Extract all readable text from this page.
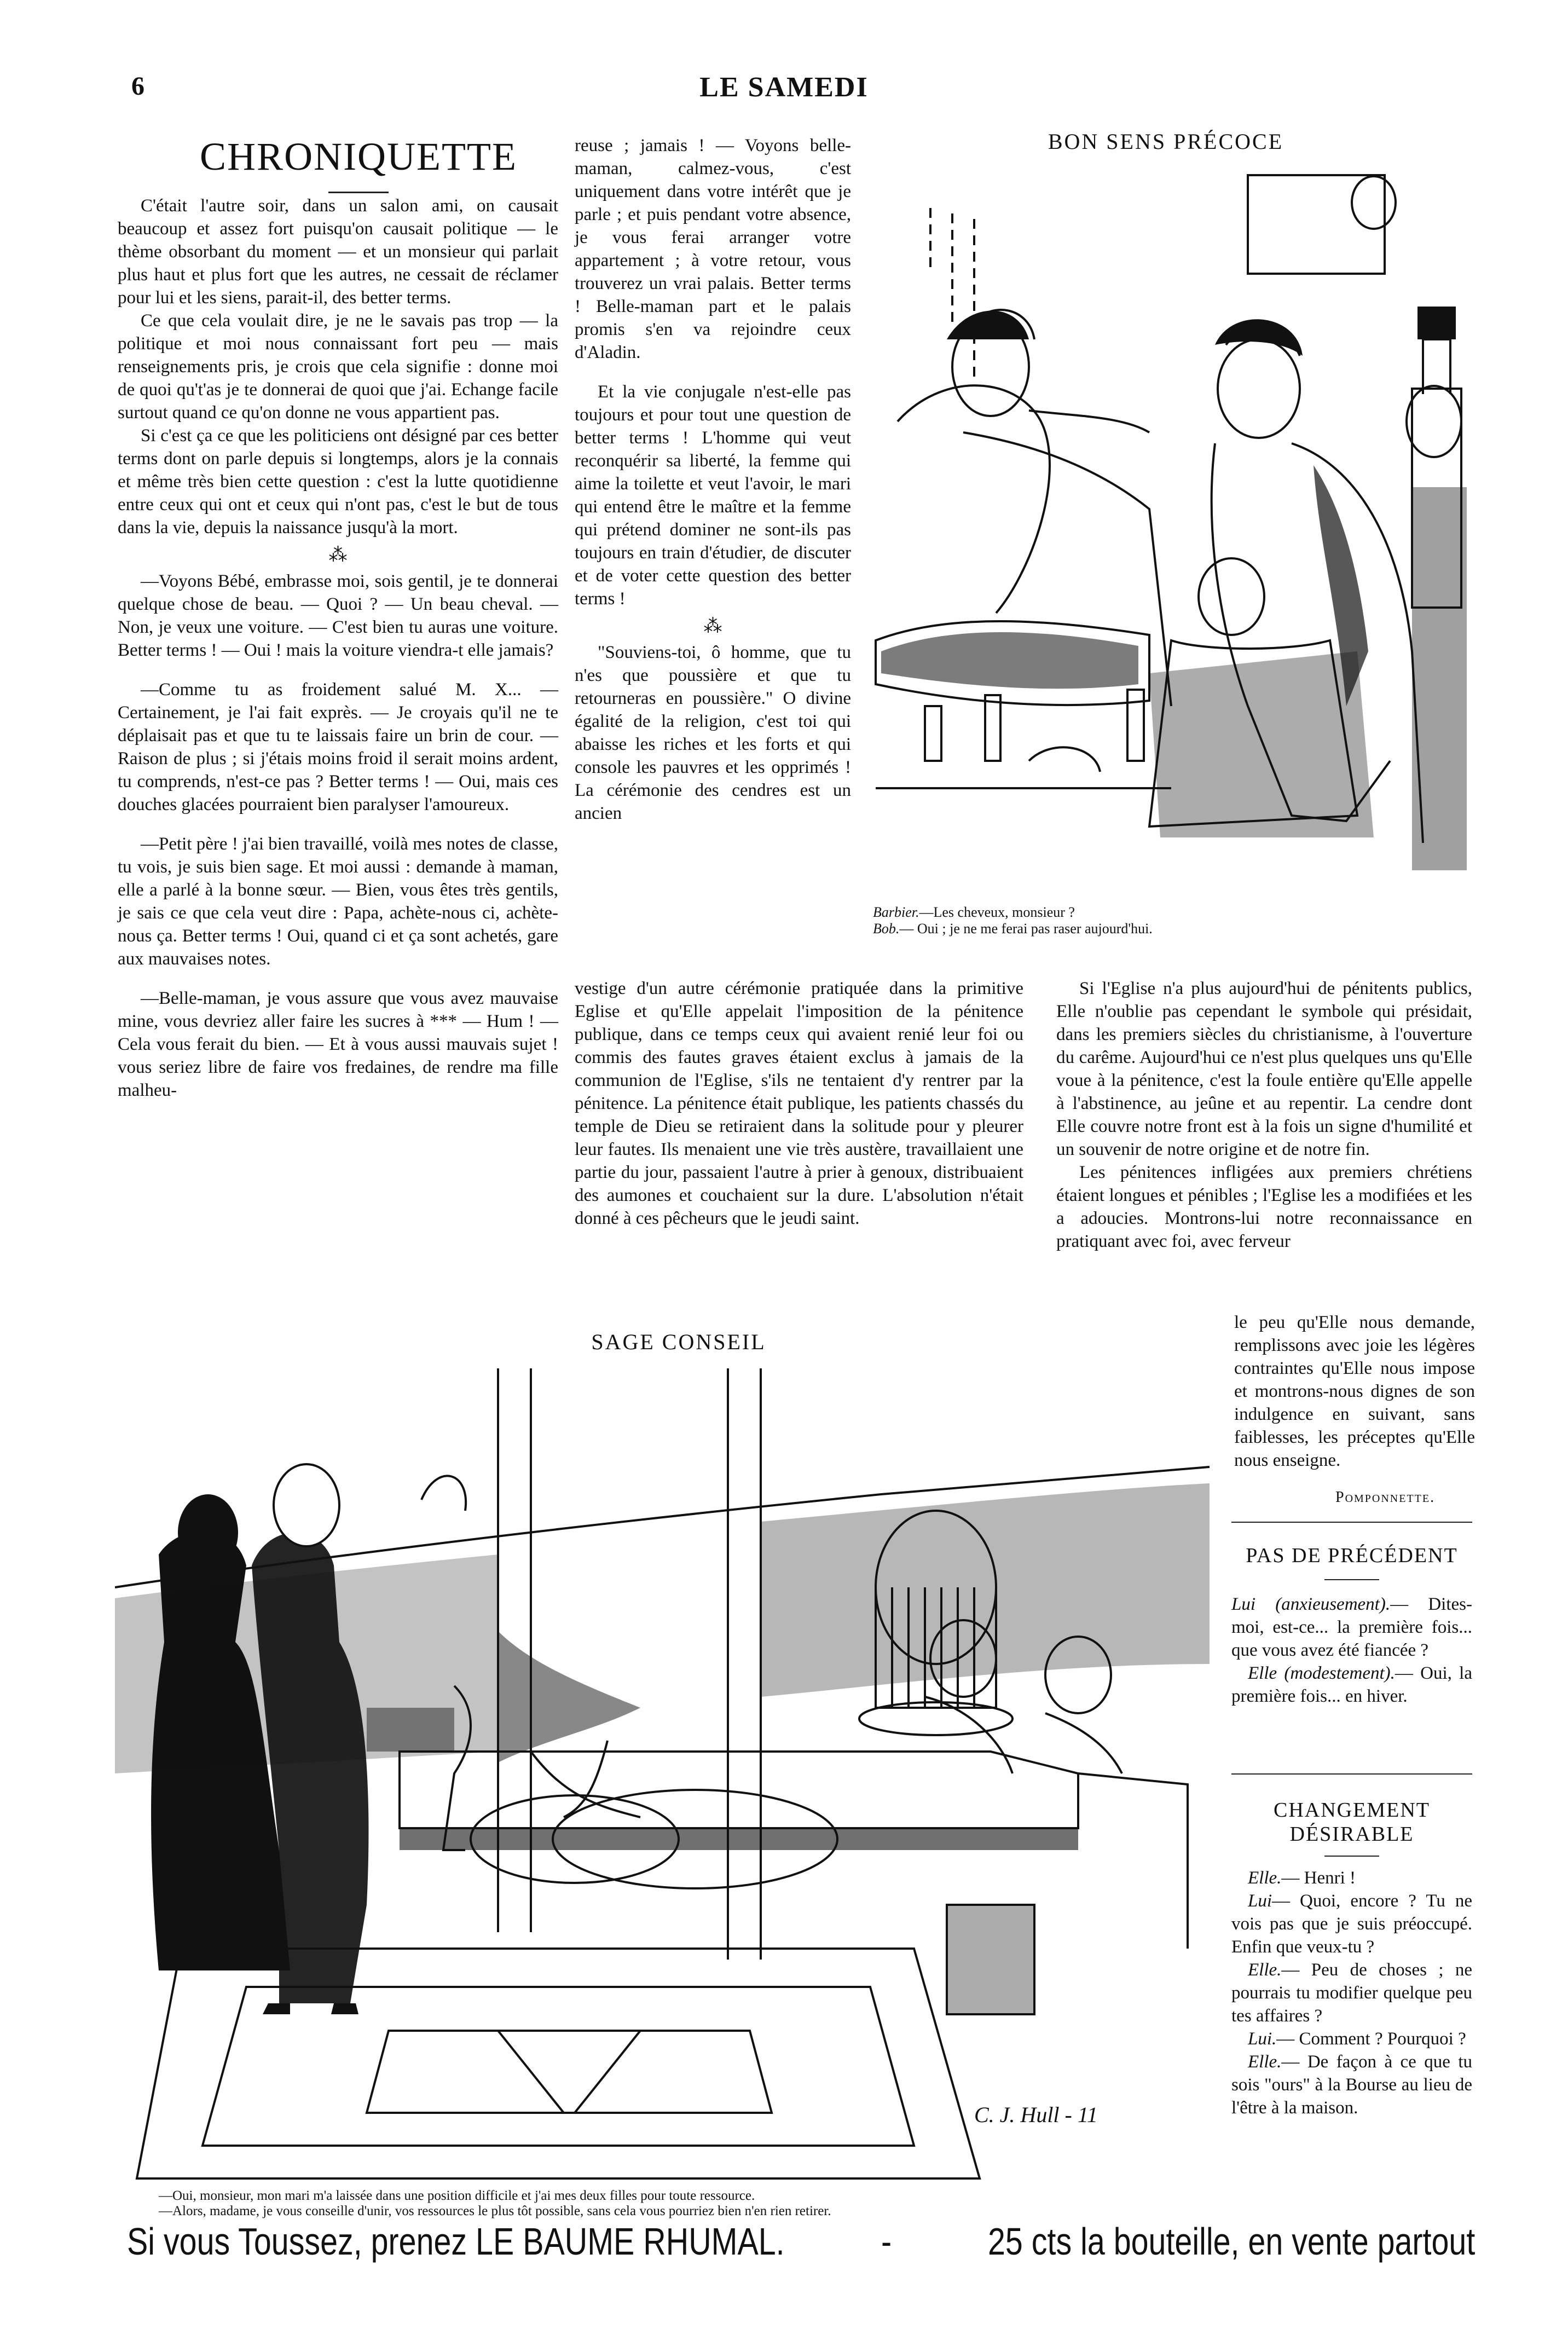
6	LE SAMEDI
CHRONIQUETTE

C'était l'autre soir, dans un salon ami, on causait beaucoup et assez fort puisqu'on causait politique — le thème obsorbant du moment — et un monsieur qui parlait plus haut et plus fort que les autres, ne cessait de réclamer pour lui et les siens, parait-il, des better terms.

Ce que cela voulait dire, je ne le savais pas trop — la politique et moi nous connaissant fort peu — mais renseignements pris, je crois que cela signifie : donne moi de quoi qu't'as je te donnerai de quoi que j'ai. Echange facile surtout quand ce qu'on donne ne vous appartient pas.

Si c'est ça ce que les politiciens ont désigné par ces better terms dont on parle depuis si longtemps, alors je la connais et même très bien cette question : c'est la lutte quotidienne entre ceux qui ont et ceux qui n'ont pas, c'est le but de tous dans la vie, depuis la naissance jusqu'à la mort.

⁂

—Voyons Bébé, embrasse moi, sois gentil, je te donnerai quelque chose de beau. — Quoi ? — Un beau cheval. — Non, je veux une voiture. — C'est bien tu auras une voiture. Better terms ! — Oui ! mais la voiture viendra-t elle jamais?

—Comme tu as froidement salué M. X... — Certainement, je l'ai fait exprès. — Je croyais qu'il ne te déplaisait pas et que tu te laissais faire un brin de cour. — Raison de plus ; si j'étais moins froid il serait moins ardent, tu comprends, n'est-ce pas ? Better terms ! — Oui, mais ces douches glacées pourraient bien paralyser l'amoureux.

—Petit père ! j'ai bien travaillé, voilà mes notes de classe, tu vois, je suis bien sage. Et moi aussi : demande à maman, elle a parlé à la bonne sœur. — Bien, vous êtes très gentils, je sais ce que cela veut dire : Papa, achète-nous ci, achète-nous ça. Better terms ! Oui, quand ci et ça sont achetés, gare aux mauvaises notes.

—Belle-maman, je vous assure que vous avez mauvaise mine, vous devriez aller faire les sucres à *** — Hum ! — Cela vous ferait du bien. — Et à vous aussi mauvais sujet ! vous seriez libre de faire vos fredaines, de rendre ma fille malheu-

reuse ; jamais ! — Voyons belle-maman, calmez-vous, c'est uniquement dans votre intérêt que je parle ; et puis pendant votre absence, je vous ferai arranger votre appartement ; à votre retour, vous trouverez un vrai palais. Better terms ! Belle-maman part et le palais promis s'en va rejoindre ceux d'Aladin.

Et la vie conjugale n'est-elle pas toujours et pour tout une question de better terms ! L'homme qui veut reconquérir sa liberté, la femme qui aime la toilette et veut l'avoir, le mari qui entend être le maître et la femme qui prétend dominer ne sont-ils pas toujours en train d'étudier, de discuter et de voter cette question des better terms !

⁂

"Souviens-toi, ô homme, que tu n'es que poussière et que tu retourneras en poussière." O divine égalité de la religion, c'est toi qui abaisse les riches et les forts et qui console les pauvres et les opprimés ! La cérémonie des cendres est un ancien

vestige d'un autre cérémonie pratiquée dans la primitive Eglise et qu'Elle appelait l'imposition de la pénitence publique, dans ce temps ceux qui avaient renié leur foi ou commis des fautes graves étaient exclus à jamais de la communion de l'Eglise, s'ils ne tentaient d'y rentrer par la pénitence. La pénitence était publique, les patients chassés du temple de Dieu se retiraient dans la solitude pour y pleurer leur fautes. Ils menaient une vie très austère, travaillaient une partie du jour, passaient l'autre à prier à genoux, distribuaient des aumones et couchaient sur la dure. L'absolution n'était donné à ces pêcheurs que le jeudi saint.

BON SENS PRÉCOCE
Barbier.—Les cheveux, monsieur ?
Bob.— Oui ; je ne me ferai pas raser aujourd'hui.

Si l'Eglise n'a plus aujourd'hui de pénitents publics, Elle n'oublie pas cependant le symbole qui présidait, dans les premiers siècles du christianisme, à l'ouverture du carême. Aujourd'hui ce n'est plus quelques uns qu'Elle voue à la pénitence, c'est la foule entière qu'Elle appelle à l'abstinence, au jeûne et au repentir. La cendre dont Elle couvre notre front est à la fois un signe d'humilité et un souvenir de notre origine et de notre fin.

Les pénitences infligées aux premiers chrétiens étaient longues et pénibles ; l'Eglise les a modifiées et les a adoucies. Montrons-lui notre reconnaissance en pratiquant avec foi, avec ferveur

le peu qu'Elle nous demande, remplissons avec joie les légères contraintes qu'Elle nous impose et montrons-nous dignes de son indulgence en suivant, sans faiblesses, les préceptes qu'Elle nous enseigne.

Pomponnette.
PAS DE PRÉCÉDENT
Lui (anxieusement).— Dites-moi, est-ce... la première fois... que vous avez été fiancée ?
Elle (modestement).— Oui, la première fois... en hiver.
CHANGEMENT DÉSIRABLE
Elle.— Henri !
Lui— Quoi, encore ? Tu ne vois pas que je suis préoccupé. Enfin que veux-tu ?
Elle.— Peu de choses ; ne pourrais tu modifier quelque peu tes affaires ?
Lui.— Comment ? Pourquoi ?
Elle.— De façon à ce que tu sois "ours" à la Bourse au lieu de l'être à la maison.
SAGE CONSEIL
C. J. Hull - 11
—Oui, monsieur, mon mari m'a laissée dans une position difficile et j'ai mes deux filles pour toute ressource.
—Alors, madame, je vous conseille d'unir, vos ressources le plus tôt possible, sans cela vous pourriez bien n'en rien retirer.
Si vous Toussez, prenez LE BAUME RHUMAL.	-	25 cts la bouteille, en vente partout
